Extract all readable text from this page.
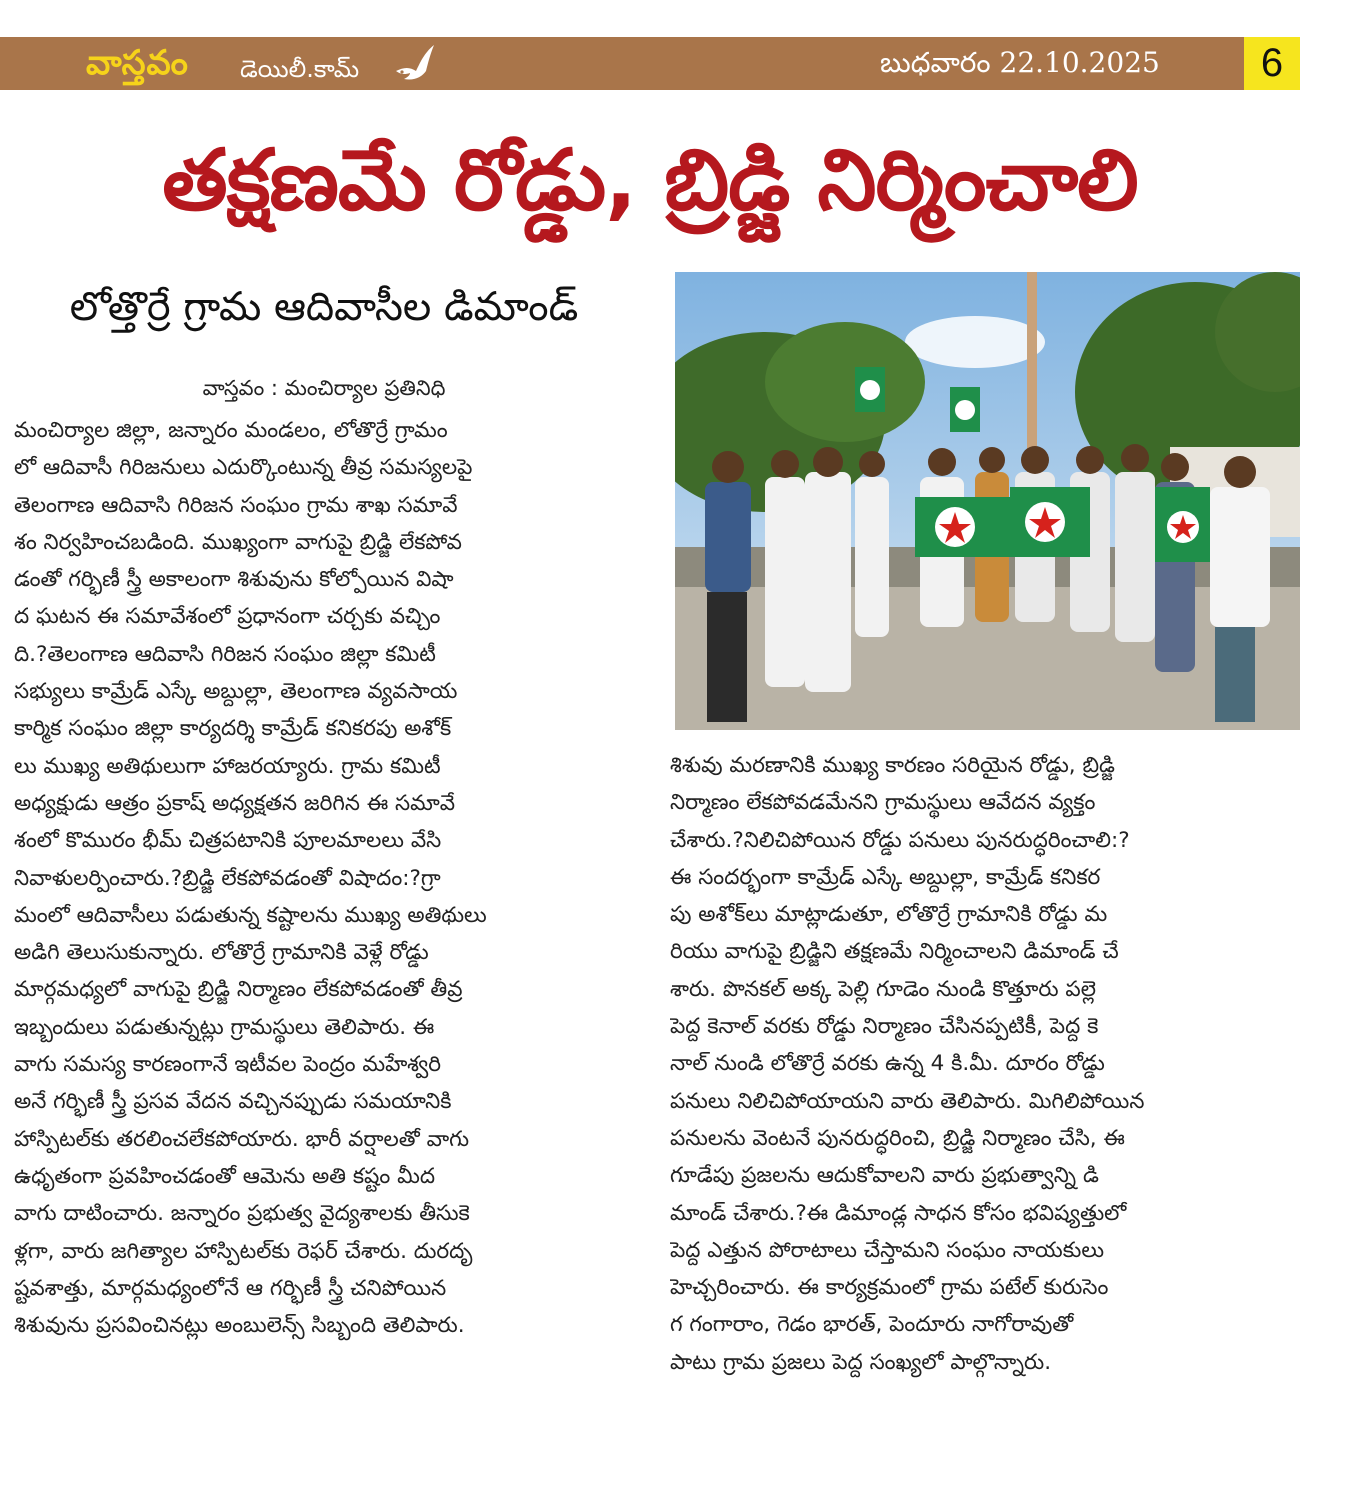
వాస్తవం డెయిలీ.కామ్	బుధవారం 22.10.2025	6
తక్షణమే రోడ్డు, బ్రిడ్జి నిర్మించాలి
లోత్తొర్రే గ్రామ ఆదివాసీల డిమాండ్
వాస్తవం : మంచిర్యాల ప్రతినిధి
మంచిర్యాల జిల్లా, జన్నారం మండలం, లోతొర్రే గ్రామం
లో ఆదివాసీ గిరిజనులు ఎదుర్కొంటున్న తీవ్ర సమస్యలపై
తెలంగాణ ఆదివాసి గిరిజన సంఘం గ్రామ శాఖ సమావే
శం నిర్వహించబడింది. ముఖ్యంగా వాగుపై బ్రిడ్జి లేకపోవ
డంతో గర్భిణీ స్త్రీ అకాలంగా శిశువును కోల్పోయిన విషా
ద ఘటన ఈ సమావేశంలో ప్రధానంగా చర్చకు వచ్చిం
ది.?తెలంగాణ ఆదివాసి గిరిజన సంఘం జిల్లా కమిటీ
సభ్యులు కామ్రేడ్ ఎస్కే అబ్దుల్లా, తెలంగాణ వ్యవసాయ
కార్మిక సంఘం జిల్లా కార్యదర్శి కామ్రేడ్ కనికరపు అశోక్
లు ముఖ్య అతిథులుగా హాజరయ్యారు. గ్రామ కమిటీ
అధ్యక్షుడు ఆత్రం ప్రకాష్ అధ్యక్షతన జరిగిన ఈ సమావే
శంలో కొమురం భీమ్ చిత్రపటానికి పూలమాలలు వేసి
నివాళులర్పించారు.?బ్రిడ్జి లేకపోవడంతో విషాదం:?గ్రా
మంలో ఆదివాసీలు పడుతున్న కష్టాలను ముఖ్య అతిథులు
అడిగి తెలుసుకున్నారు. లోతొర్రే గ్రామానికి వెళ్లే రోడ్డు
మార్గమధ్యలో వాగుపై బ్రిడ్జి నిర్మాణం లేకపోవడంతో తీవ్ర
ఇబ్బందులు పడుతున్నట్లు గ్రామస్థులు తెలిపారు. ఈ
వాగు సమస్య కారణంగానే ఇటీవల పెంద్రం మహేశ్వరి
అనే గర్భిణీ స్త్రీ ప్రసవ వేదన వచ్చినప్పుడు సమయానికి
హాస్పిటల్‌కు తరలించలేకపోయారు. భారీ వర్షాలతో వాగు
ఉధృతంగా ప్రవహించడంతో ఆమెను అతి కష్టం మీద
వాగు దాటించారు. జన్నారం ప్రభుత్వ వైద్యశాలకు తీసుకె
ళ్లగా, వారు జగిత్యాల హాస్పిటల్‌కు రెఫర్ చేశారు. దురదృ
ష్టవశాత్తు, మార్గమధ్యంలోనే ఆ గర్భిణీ స్త్రీ చనిపోయిన
శిశువును ప్రసవించినట్లు అంబులెన్స్ సిబ్బంది తెలిపారు.
శిశువు మరణానికి ముఖ్య కారణం సరియైన రోడ్డు, బ్రిడ్జి
నిర్మాణం లేకపోవడమేనని గ్రామస్థులు ఆవేదన వ్యక్తం
చేశారు.?నిలిచిపోయిన రోడ్డు పనులు పునరుద్ధరించాలి:?
ఈ సందర్భంగా కామ్రేడ్ ఎస్కే అబ్దుల్లా, కామ్రేడ్ కనికర
పు అశోక్‌లు మాట్లాడుతూ, లోతొర్రే గ్రామానికి రోడ్డు మ
రియు వాగుపై బ్రిడ్జిని తక్షణమే నిర్మించాలని డిమాండ్ చే
శారు. పొనకల్ అక్క పెల్లి గూడెం నుండి కొత్తూరు పల్లె
పెద్ద కెనాల్ వరకు రోడ్డు నిర్మాణం చేసినప్పటికీ, పెద్ద కె
నాల్ నుండి లోతొర్రే వరకు ఉన్న 4 కి.మీ. దూరం రోడ్డు
పనులు నిలిచిపోయాయని వారు తెలిపారు. మిగిలిపోయిన
పనులను వెంటనే పునరుద్ధరించి, బ్రిడ్జి నిర్మాణం చేసి, ఈ
గూడేపు ప్రజలను ఆదుకోవాలని వారు ప్రభుత్వాన్ని డి
మాండ్ చేశారు.?ఈ డిమాండ్ల సాధన కోసం భవిష్యత్తులో
పెద్ద ఎత్తున పోరాటాలు చేస్తామని సంఘం నాయకులు
హెచ్చరించారు. ఈ కార్యక్రమంలో గ్రామ పటేల్ కురుసెం
గ గంగారాం, గెడం భారత్, పెందూరు నాగోరావుతో
పాటు గ్రామ ప్రజలు పెద్ద సంఖ్యలో పాల్గొన్నారు.
